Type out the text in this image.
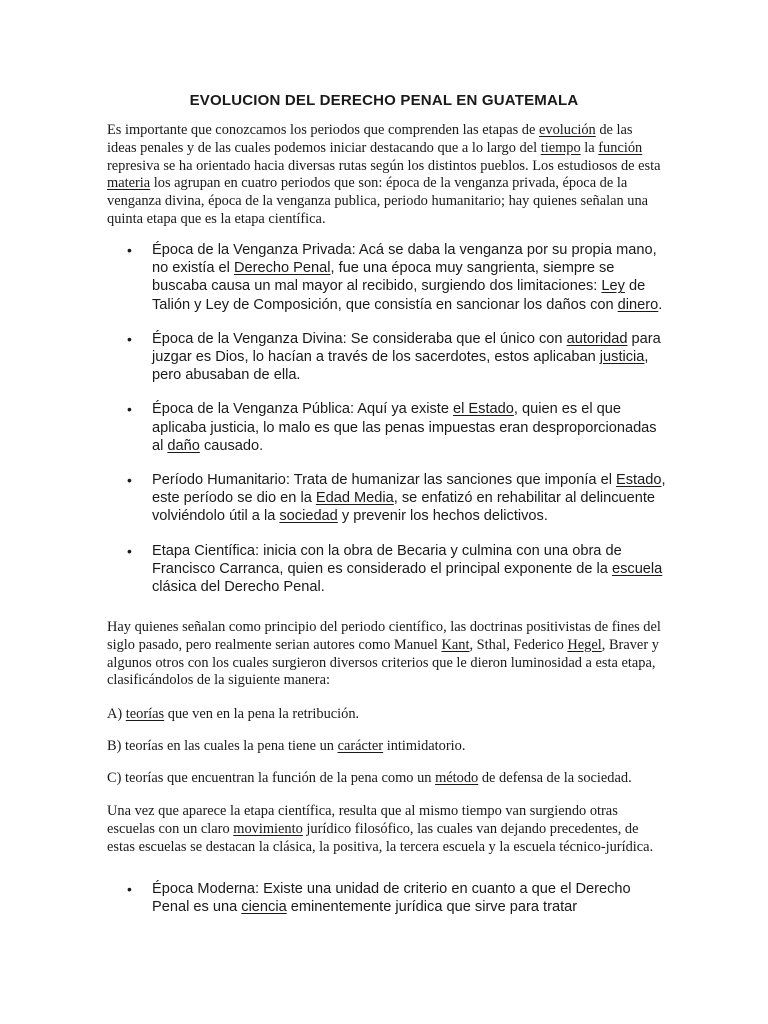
EVOLUCION DEL DERECHO PENAL EN GUATEMALA

Es importante que conozcamos los periodos que comprenden las etapas de evolución de las ideas penales y de las cuales podemos iniciar destacando que a lo largo del tiempo la función represiva se ha orientado hacia diversas rutas según los distintos pueblos. Los estudiosos de esta materia los agrupan en cuatro periodos que son: época de la venganza privada, época de la venganza divina, época de la venganza publica, periodo humanitario; hay quienes señalan una quinta etapa que es la etapa científica.

• Época de la Venganza Privada: Acá se daba la venganza por su propia mano, no existía el Derecho Penal, fue una época muy sangrienta, siempre se buscaba causa un mal mayor al recibido, surgiendo dos limitaciones: Ley de Talión y Ley de Composición, que consistía en sancionar los daños con dinero.
• Época de la Venganza Divina: Se consideraba que el único con autoridad para juzgar es Dios, lo hacían a través de los sacerdotes, estos aplicaban justicia, pero abusaban de ella.
• Época de la Venganza Pública: Aquí ya existe el Estado, quien es el que aplicaba justicia, lo malo es que las penas impuestas eran desproporcionadas al daño causado.
• Período Humanitario: Trata de humanizar las sanciones que imponía el Estado, este período se dio en la Edad Media, se enfatizó en rehabilitar al delincuente volviéndolo útil a la sociedad y prevenir los hechos delictivos.
• Etapa Científica: inicia con la obra de Becaria y culmina con una obra de Francisco Carranca, quien es considerado el principal exponente de la escuela clásica del Derecho Penal.

Hay quienes señalan como principio del periodo científico, las doctrinas positivistas de fines del siglo pasado, pero realmente serian autores como Manuel Kant, Sthal, Federico Hegel, Braver y algunos otros con los cuales surgieron diversos criterios que le dieron luminosidad a esta etapa, clasificándolos de la siguiente manera:

A) teorías que ven en la pena la retribución.

B) teorías en las cuales la pena tiene un carácter intimidatorio.

C) teorías que encuentran la función de la pena como un método de defensa de la sociedad.

Una vez que aparece la etapa científica, resulta que al mismo tiempo van surgiendo otras escuelas con un claro movimiento jurídico filosófico, las cuales van dejando precedentes, de estas escuelas se destacan la clásica, la positiva, la tercera escuela y la escuela técnico-jurídica.

• Época Moderna: Existe una unidad de criterio en cuanto a que el Derecho Penal es una ciencia eminentemente jurídica que sirve para tratar
